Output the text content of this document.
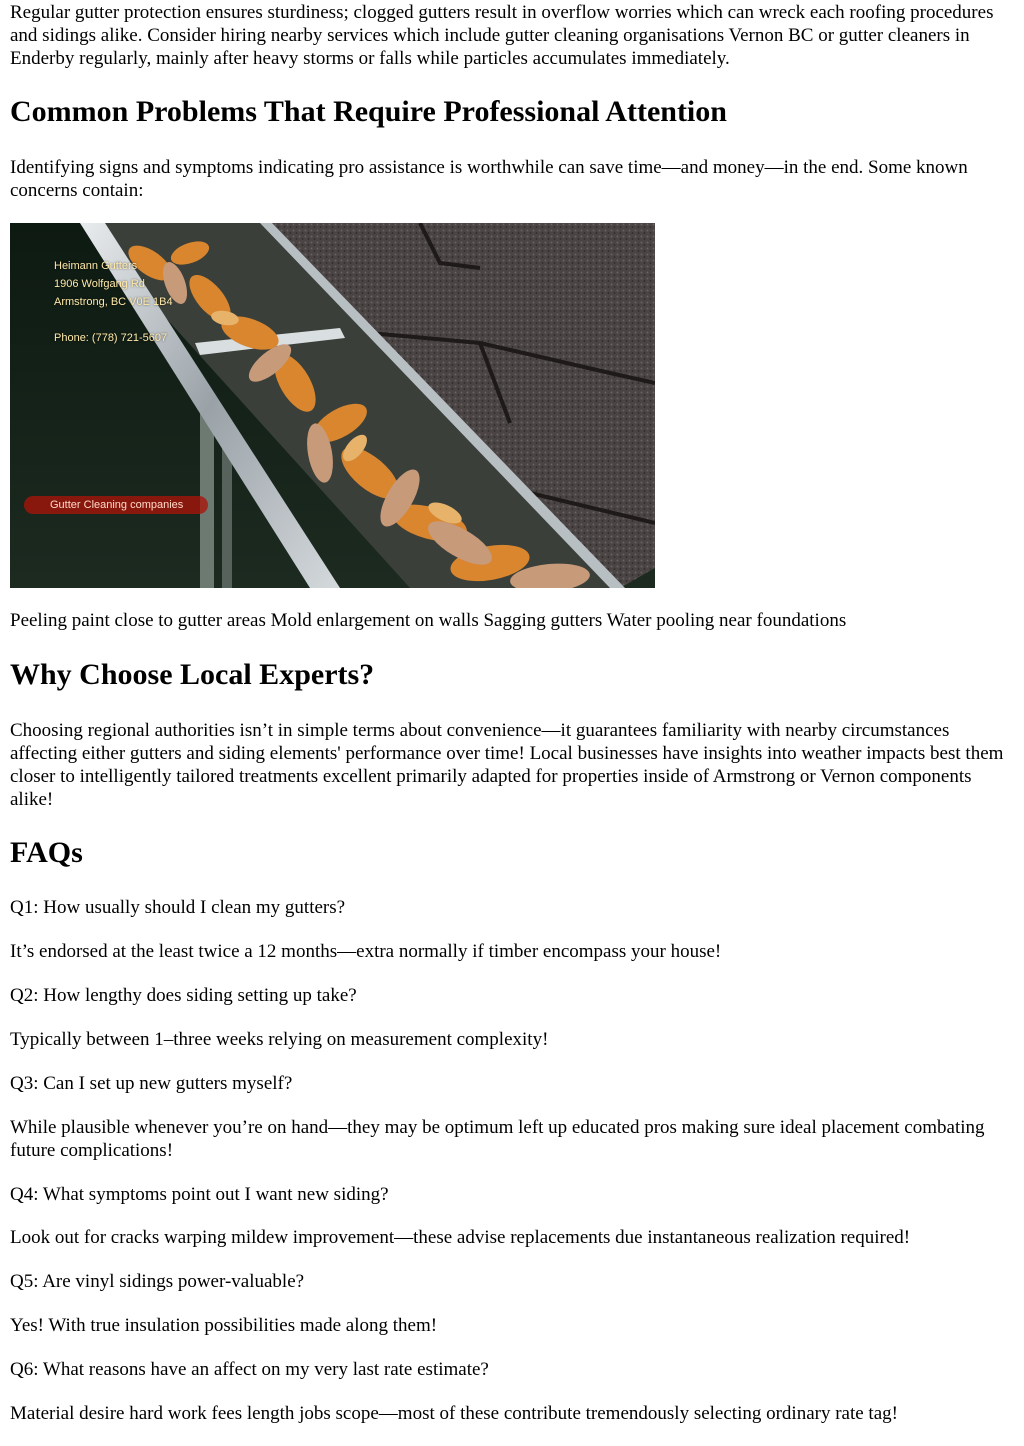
Regular gutter protection ensures sturdiness; clogged gutters result in overflow worries which can wreck each roofing procedures and sidings alike. Consider hiring nearby services which include gutter cleaning organisations Vernon BC or gutter cleaners in Enderby regularly, mainly after heavy storms or falls while particles accumulates immediately.

Common Problems That Require Professional Attention

Identifying signs and symptoms indicating pro assistance is worthwhile can save time—and money—in the end. Some known concerns contain:

Heimann Gutters
1906 Wolfgang Rd
Armstrong, BC V0E 1B4
Phone: (778) 721-5607
Gutter Cleaning companies

Peeling paint close to gutter areas Mold enlargement on walls Sagging gutters Water pooling near foundations

Why Choose Local Experts?

Choosing regional authorities isn’t in simple terms about convenience—it guarantees familiarity with nearby circumstances affecting either gutters and siding elements' performance over time! Local businesses have insights into weather impacts best them closer to intelligently tailored treatments excellent primarily adapted for properties inside of Armstrong or Vernon components alike!

FAQs

Q1: How usually should I clean my gutters?

It’s endorsed at the least twice a 12 months—extra normally if timber encompass your house!

Q2: How lengthy does siding setting up take?

Typically between 1–three weeks relying on measurement complexity!

Q3: Can I set up new gutters myself?

While plausible whenever you’re on hand—they may be optimum left up educated pros making sure ideal placement combating future complications!

Q4: What symptoms point out I want new siding?

Look out for cracks warping mildew improvement—these advise replacements due instantaneous realization required!

Q5: Are vinyl sidings power-valuable?

Yes! With true insulation possibilities made along them!

Q6: What reasons have an affect on my very last rate estimate?

Material desire hard work fees length jobs scope—most of these contribute tremendously selecting ordinary rate tag!
